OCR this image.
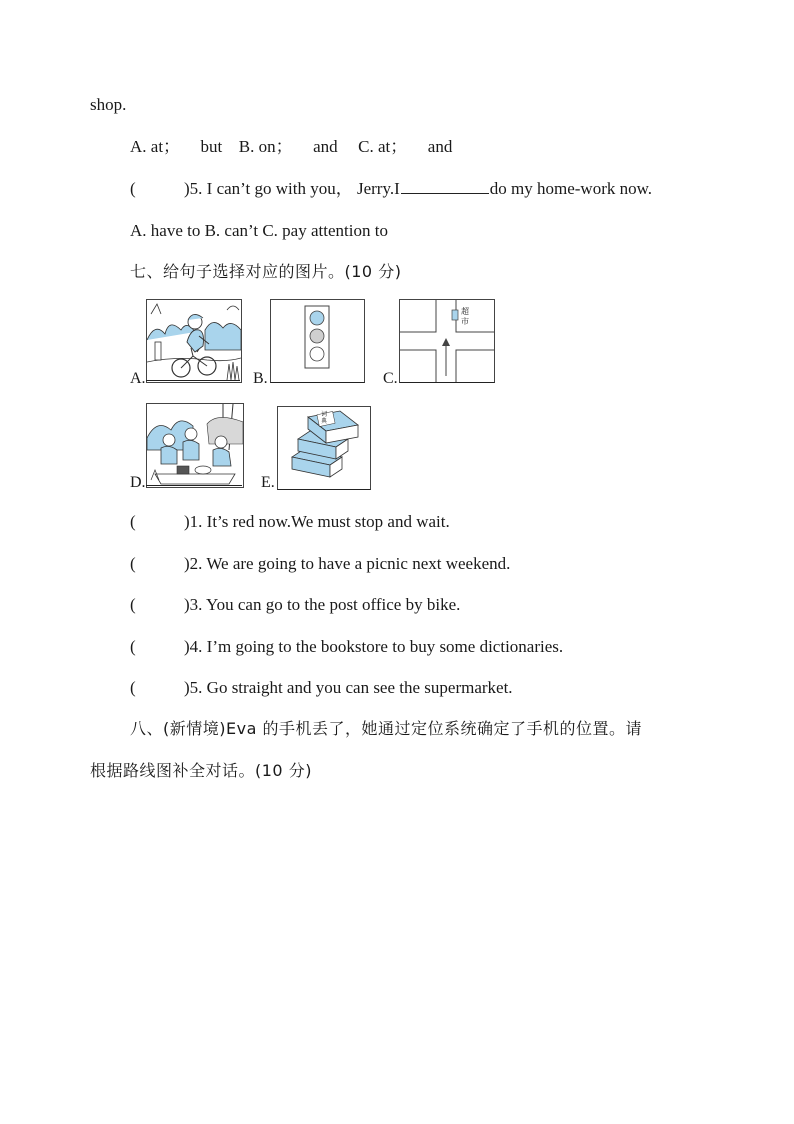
shop.
A. at； but B. on； and C. at； and
(	)5. I can’t go with you， Jerry.I	do my home-work now.
A. have to B. can’t C. pay attention to
七、给句子选择对应的图片。(10 分)
A.	B.	C.
超市
D.	E.
词典
(	)1. It’s red now.We must stop and wait.
(	)2. We are going to have a picnic next weekend.
(	)3. You can go to the post office by bike.
(	)4. I’m going to the bookstore to buy some dictionaries.
(	)5. Go straight and you can see the supermarket.
八、(新情境)Eva 的手机丢了，她通过定位系统确定了手机的位置。请
根据路线图补全对话。(10 分)
